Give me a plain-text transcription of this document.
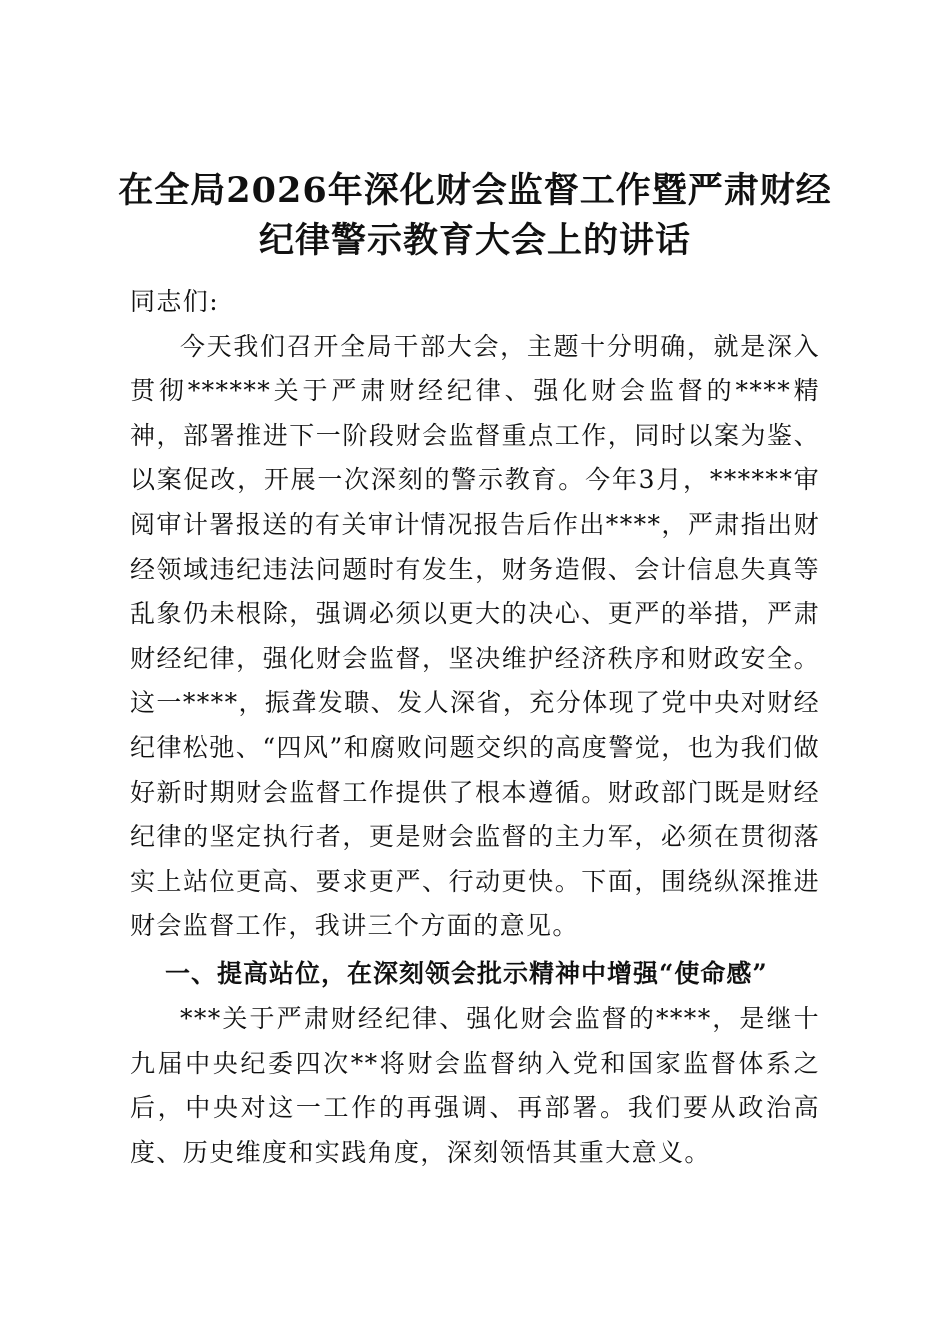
在全局2026年深化财会监督工作暨严肃财经
纪律警示教育大会上的讲话

同志们:

今天我们召开全局干部大会，主题十分明确，就是深入贯彻******关于严肃财经纪律、强化财会监督的****精神，部署推进下一阶段财会监督重点工作，同时以案为鉴、以案促改，开展一次深刻的警示教育。今年3月，******审阅审计署报送的有关审计情况报告后作出****，严肃指出财经领域违纪违法问题时有发生，财务造假、会计信息失真等乱象仍未根除，强调必须以更大的决心、更严的举措，严肃财经纪律，强化财会监督，坚决维护经济秩序和财政安全。这一****，振聋发聩、发人深省，充分体现了党中央对财经纪律松弛、“四风”和腐败问题交织的高度警觉，也为我们做好新时期财会监督工作提供了根本遵循。财政部门既是财经纪律的坚定执行者，更是财会监督的主力军，必须在贯彻落实上站位更高、要求更严、行动更快。下面，围绕纵深推进财会监督工作，我讲三个方面的意见。

一、提高站位，在深刻领会批示精神中增强“使命感”

***关于严肃财经纪律、强化财会监督的****，是继十九届中央纪委四次**将财会监督纳入党和国家监督体系之后，中央对这一工作的再强调、再部署。我们要从政治高度、历史维度和实践角度，深刻领悟其重大意义。
